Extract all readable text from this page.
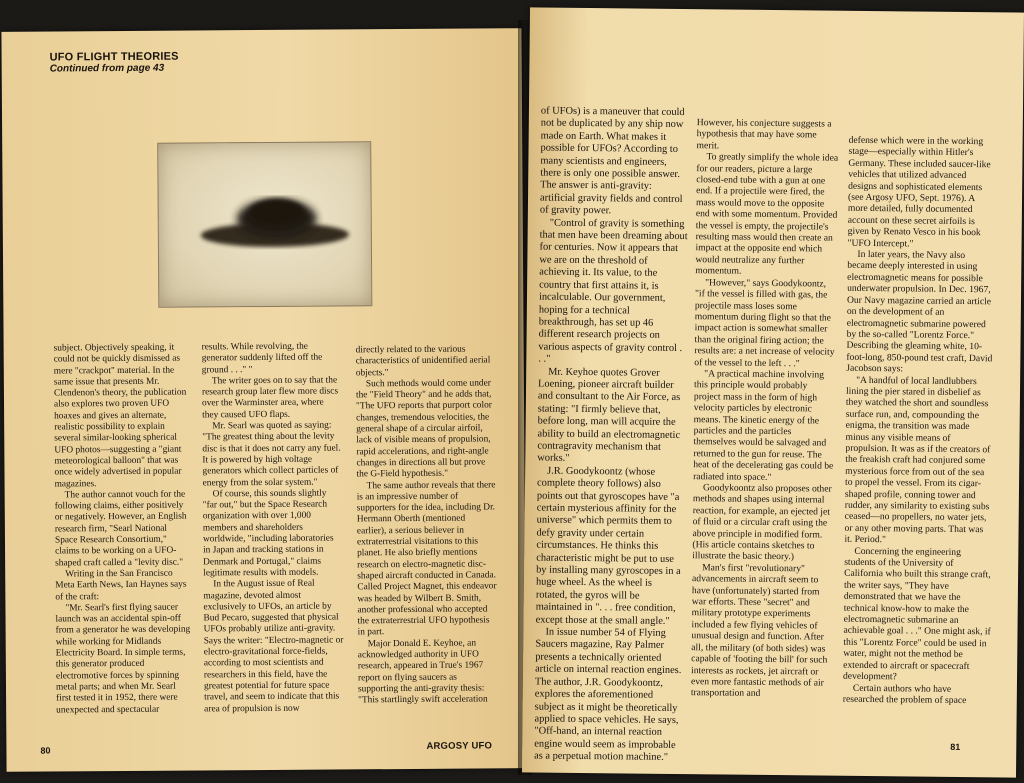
UFO FLIGHT THEORIES
Continued from page 43

subject. Objectively speaking, it could not be quickly dismissed as mere "crackpot" material. In the same issue that presents Mr. Clendenon's theory, the publication also explores two proven UFO hoaxes and gives an alternate, realistic possibility to explain several similar-looking spherical UFO photos—suggesting a "giant meteorological balloon" that was once widely advertised in popular magazines.

The author cannot vouch for the following claims, either positively or negatively. However, an English research firm, "Searl National Space Research Consortium," claims to be working on a UFO-shaped craft called a "levity disc."

Writing in the San Francisco Meta Earth News, Ian Haynes says of the craft:

"Mr. Searl's first flying saucer launch was an accidental spin-off from a generator he was developing while working for Midlands Electricity Board. In simple terms, this generator produced electromotive forces by spinning metal parts; and when Mr. Searl first tested it in 1952, there were unexpected and spectacular

results. While revolving, the generator suddenly lifted off the ground . . ." "

The writer goes on to say that the research group later flew more discs over the Warminster area, where they caused UFO flaps.

Mr. Searl was quoted as saying: "The greatest thing about the levity disc is that it does not carry any fuel. It is powered by high voltage generators which collect particles of energy from the solar system."

Of course, this sounds slightly "far out," but the Space Research organization with over 1,000 members and shareholders worldwide, "including laboratories in Japan and tracking stations in Denmark and Portugal," claims legitimate results with models.

In the August issue of Real magazine, devoted almost exclusively to UFOs, an article by Bud Pecaro, suggested that physical UFOs probably utilize anti-gravity. Says the writer: "Electro-magnetic or electro-gravitational force-fields, according to most scientists and researchers in this field, have the greatest potential for future space travel, and seem to indicate that this area of propulsion is now

directly related to the various characteristics of unidentified aerial objects."

Such methods would come under the "Field Theory" and he adds that, "The UFO reports that purport color changes, tremendous velocities, the general shape of a circular airfoil, lack of visible means of propulsion, rapid accelerations, and right-angle changes in directions all but prove the G-Field hypothesis."

The same author reveals that there is an impressive number of supporters for the idea, including Dr. Hermann Oberth (mentioned earlier), a serious believer in extraterrestrial visitations to this planet. He also briefly mentions research on electro-magnetic disc-shaped aircraft conducted in Canada. Called Project Magnet, this endeavor was headed by Wilbert B. Smith, another professional who accepted the extraterrestrial UFO hypothesis in part.

Major Donald E. Keyhoe, an acknowledged authority in UFO research, appeared in True's 1967 report on flying saucers as supporting the anti-gravity thesis: "This startlingly swift acceleration

80	ARGOSY UFO

of UFOs) is a maneuver that could not be duplicated by any ship now made on Earth. What makes it possible for UFOs? According to many scientists and engineers, there is only one possible answer. The answer is anti-gravity: artificial gravity fields and control of gravity power.

"Control of gravity is something that men have been dreaming about for centuries. Now it appears that we are on the threshold of achieving it. Its value, to the country that first attains it, is incalculable. Our government, hoping for a technical breakthrough, has set up 46 different research projects on various aspects of gravity control . . ."

Mr. Keyhoe quotes Grover Loening, pioneer aircraft builder and consultant to the Air Force, as stating: "I firmly believe that, before long, man will acquire the ability to build an electromagnetic contragravity mechanism that works."

J.R. Goodykoontz (whose complete theory follows) also points out that gyroscopes have "a certain mysterious affinity for the universe" which permits them to defy gravity under certain circumstances. He thinks this characteristic might be put to use by installing many gyroscopes in a huge wheel. As the wheel is rotated, the gyros will be maintained in ". . . free condition, except those at the small angle."

In issue number 54 of Flying Saucers magazine, Ray Palmer presents a technically oriented article on internal reaction engines. The author, J.R. Goodykoontz, explores the aforementioned subject as it might be theoretically applied to space vehicles. He says, "Off-hand, an internal reaction engine would seem as improbable as a perpetual motion machine."

However, his conjecture suggests a hypothesis that may have some merit.

To greatly simplify the whole idea for our readers, picture a large closed-end tube with a gun at one end. If a projectile were fired, the mass would move to the opposite end with some momentum. Provided the vessel is empty, the projectile's resulting mass would then create an impact at the opposite end which would neutralize any further momentum.

"However," says Goodykoontz, "if the vessel is filled with gas, the projectile mass loses some momentum during flight so that the impact action is somewhat smaller than the original firing action; the results are: a net increase of velocity of the vessel to the left . . ."

"A practical machine involving this principle would probably project mass in the form of high velocity particles by electronic means. The kinetic energy of the particles and the particles themselves would be salvaged and returned to the gun for reuse. The heat of the decelerating gas could be radiated into space."

Goodykoontz also proposes other methods and shapes using internal reaction, for example, an ejected jet of fluid or a circular craft using the above principle in modified form. (His article contains sketches to illustrate the basic theory.)

Man's first "revolutionary" advancements in aircraft seem to have (unfortunately) started from war efforts. These "secret" and military prototype experiments included a few flying vehicles of unusual design and function. After all, the military (of both sides) was capable of 'footing the bill' for such interests as rockets, jet aircraft or even more fantastic methods of air transportation and

defense which were in the working stage—especially within Hitler's Germany. These included saucer-like vehicles that utilized advanced designs and sophisticated elements (see Argosy UFO, Sept. 1976). A more detailed, fully documented account on these secret airfoils is given by Renato Vesco in his book "UFO Intercept."

In later years, the Navy also became deeply interested in using electromagnetic means for possible underwater propulsion. In Dec. 1967, Our Navy magazine carried an article on the development of an electromagnetic submarine powered by the so-called "Lorentz Force." Describing the gleaming white, 10-foot-long, 850-pound test craft, David Jacobson says:

"A handful of local landlubbers lining the pier stared in disbelief as they watched the short and soundless surface run, and, compounding the enigma, the transition was made minus any visible means of propulsion. It was as if the creators of the freakish craft had conjured some mysterious force from out of the sea to propel the vessel. From its cigar-shaped profile, conning tower and rudder, any similarity to existing subs ceased—no propellers, no water jets, or any other moving parts. That was it. Period."

Concerning the engineering students of the University of California who built this strange craft, the writer says, "They have demonstrated that we have the technical know-how to make the electromagnetic submarine an achievable goal . . ." One might ask, if this "Lorentz Force" could be used in water, might not the method be extended to aircraft or spacecraft development?

Certain authors who have researched the problem of space

81
